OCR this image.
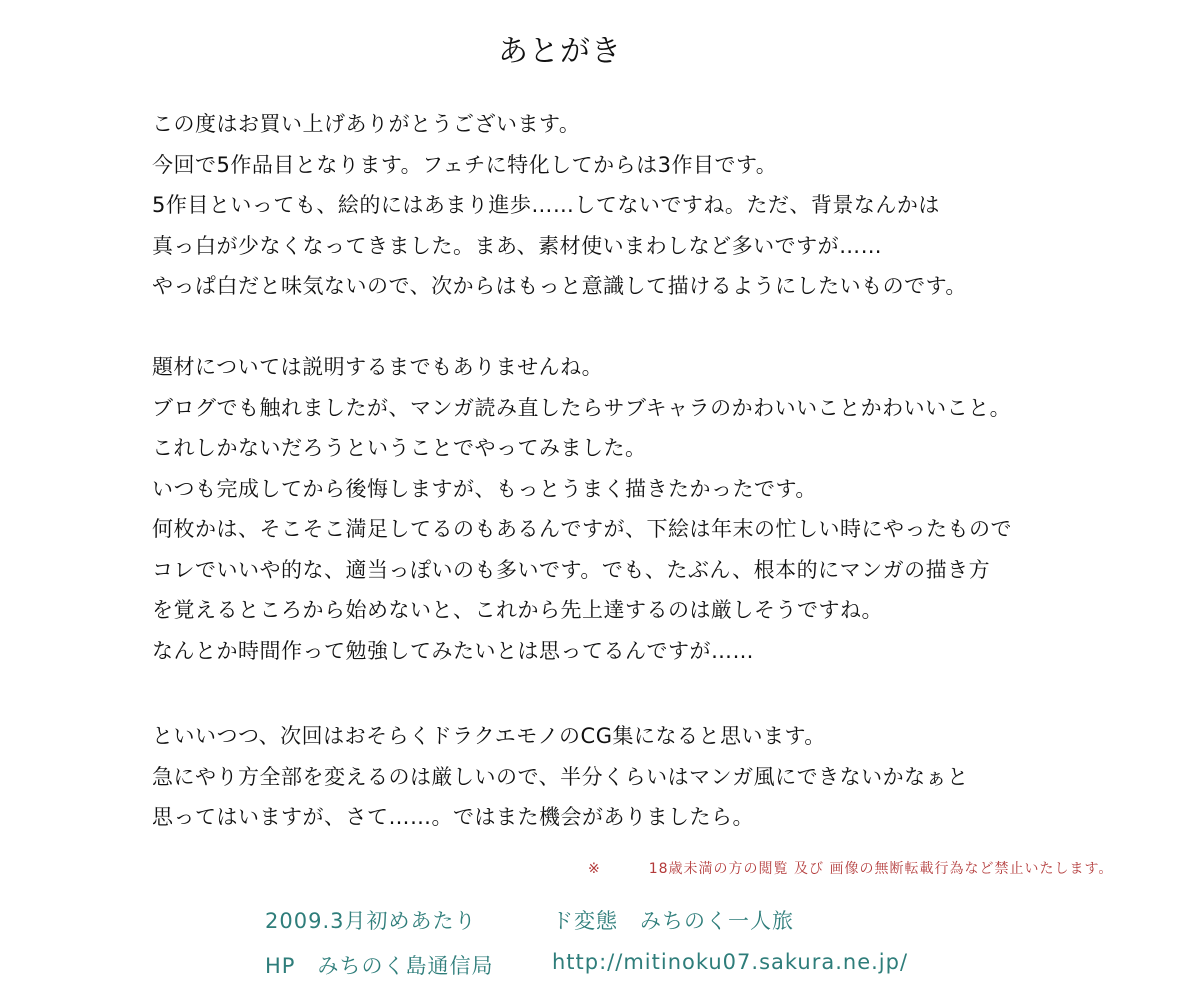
あとがき
この度はお買い上げありがとうございます。
今回で5作品目となります。フェチに特化してからは3作目です。
5作目といっても、絵的にはあまり進歩……してないですね。ただ、背景なんかは
真っ白が少なくなってきました。まあ、素材使いまわしなど多いですが……
やっぱ白だと味気ないので、次からはもっと意識して描けるようにしたいものです。
題材については説明するまでもありませんね。
ブログでも触れましたが、マンガ読み直したらサブキャラのかわいいことかわいいこと。
これしかないだろうということでやってみました。
いつも完成してから後悔しますが、もっとうまく描きたかったです。
何枚かは、そこそこ満足してるのもあるんですが、下絵は年末の忙しい時にやったもので
コレでいいや的な、適当っぽいのも多いです。でも、たぶん、根本的にマンガの描き方
を覚えるところから始めないと、これから先上達するのは厳しそうですね。
なんとか時間作って勉強してみたいとは思ってるんですが……
といいつつ、次回はおそらくドラクエモノのCG集になると思います。
急にやり方全部を変えるのは厳しいので、半分くらいはマンガ風にできないかなぁと
思ってはいますが、さて……。ではまた機会がありましたら。
※	18歳未満の方の閲覧 及び 画像の無断転載行為など禁止いたします。
2009.3月初めあたり	ド変態　みちのく一人旅
HP　みちのく島通信局	http://mitinoku07.sakura.ne.jp/
